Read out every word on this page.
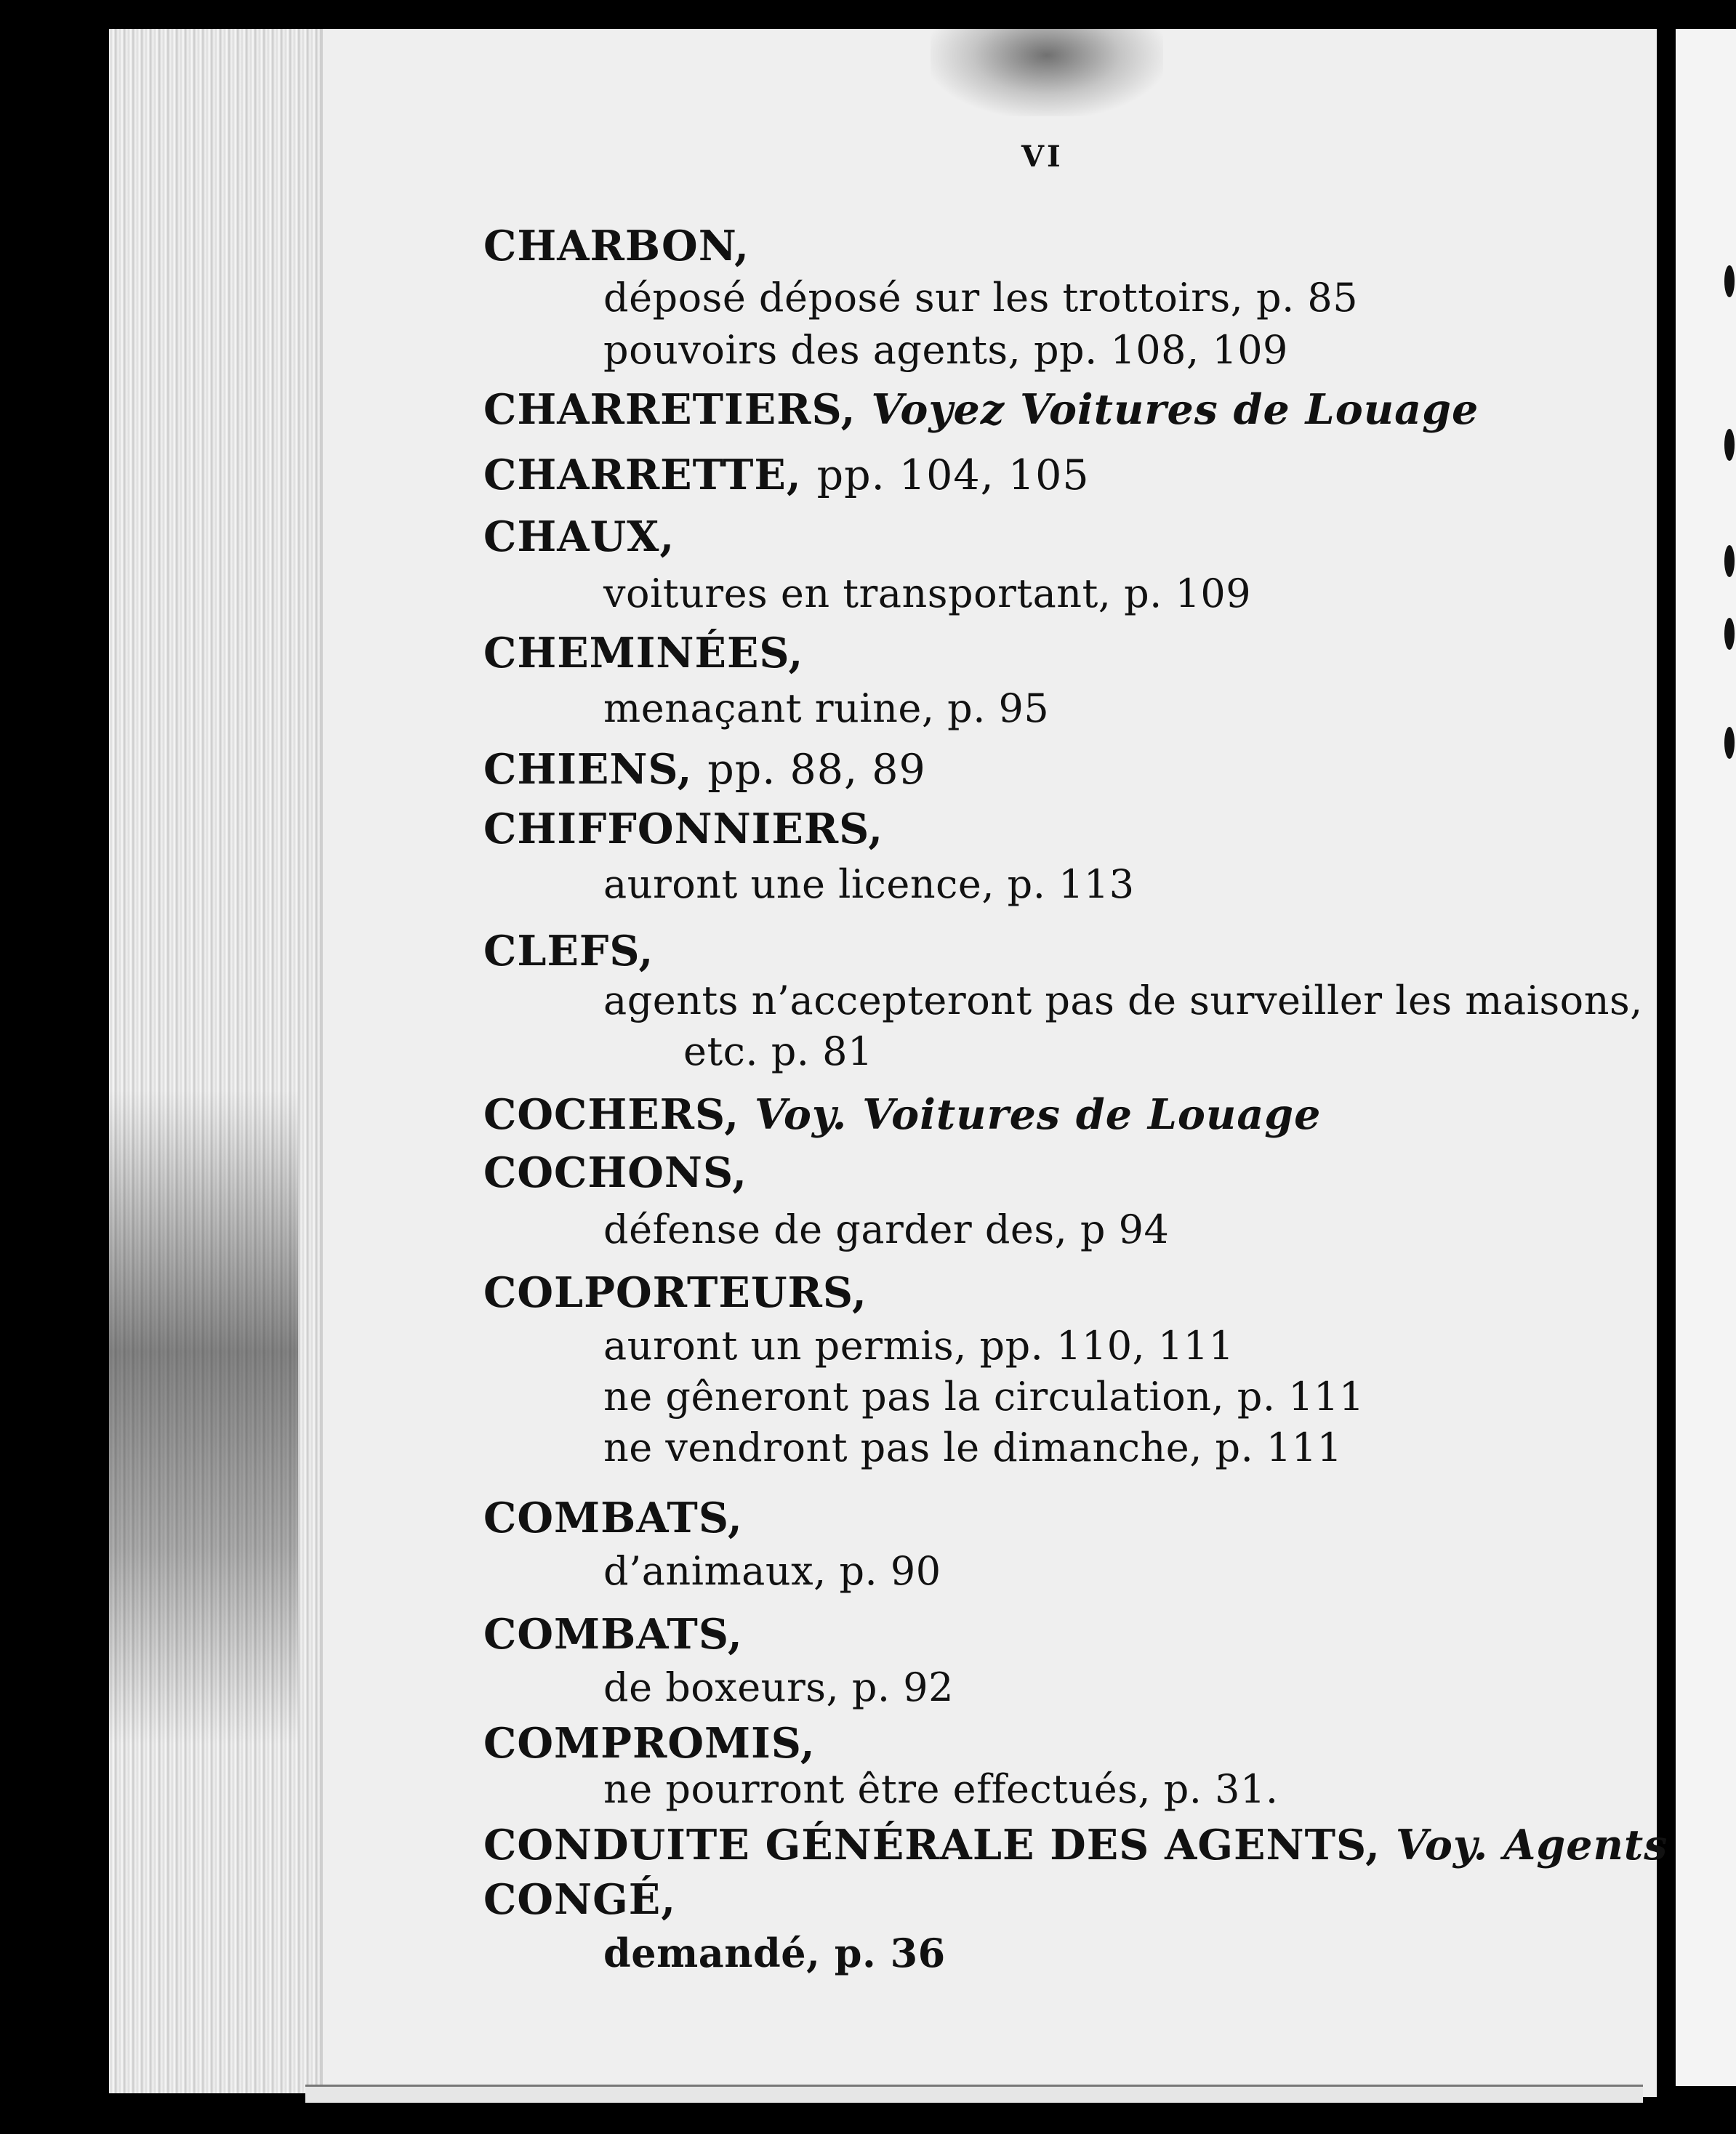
VI
CHARBON,
déposé déposé sur les trottoirs, p. 85
pouvoirs des agents, pp. 108, 109
CHARRETIERS, Voyez Voitures de Louage
CHARRETTE, pp. 104, 105
CHAUX,
voitures en transportant, p. 109
CHEMINÉES,
menaçant ruine, p. 95
CHIENS, pp. 88, 89
CHIFFONNIERS,
auront une licence, p. 113
CLEFS,
agents n’accepteront pas de surveiller les maisons,
etc. p. 81
COCHERS, Voy. Voitures de Louage
COCHONS,
défense de garder des, p 94
COLPORTEURS,
auront un permis, pp. 110, 111
ne gêneront pas la circulation, p. 111
ne vendront pas le dimanche, p. 111
COMBATS,
d’animaux, p. 90
COMBATS,
de boxeurs, p. 92
COMPROMIS,
ne pourront être effectués, p. 31.
CONDUITE GÉNÉRALE DES AGENTS, Voy. Agents
CONGÉ,
demandé, p. 36
